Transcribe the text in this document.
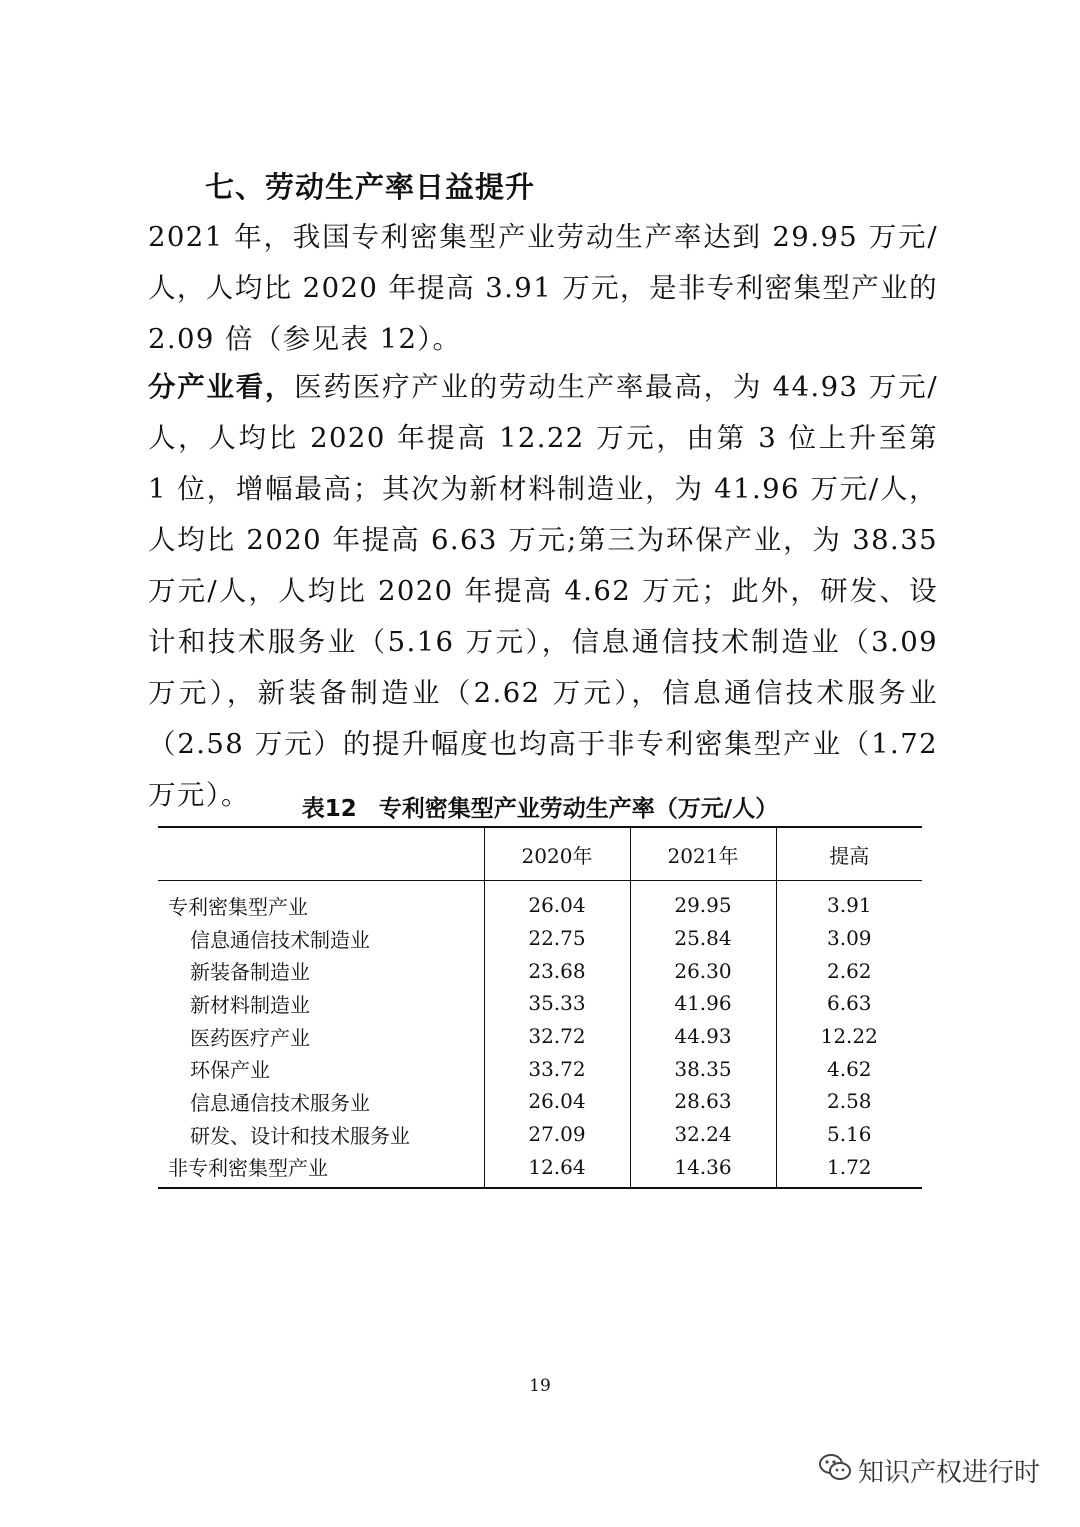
七、劳动生产率日益提升

2021 年，我国专利密集型产业劳动生产率达到 29.95 万元/人，人均比 2020 年提高 3.91 万元，是非专利密集型产业的 2.09 倍（参见表 12）。

分产业看，医药医疗产业的劳动生产率最高，为 44.93 万元/人，人均比 2020 年提高 12.22 万元，由第 3 位上升至第 1 位，增幅最高；其次为新材料制造业，为 41.96 万元/人，人均比 2020 年提高 6.63 万元;第三为环保产业，为 38.35 万元/人，人均比 2020 年提高 4.62 万元；此外，研发、设计和技术服务业（5.16 万元），信息通信技术制造业（3.09 万元），新装备制造业（2.62 万元），信息通信技术服务业（2.58 万元）的提升幅度也均高于非专利密集型产业（1.72 万元）。	表12 专利密集型产业劳动生产率（万元/人）
	2020年	2021年	提高
专利密集型产业	26.04	29.95	3.91
信息通信技术制造业	22.75	25.84	3.09
新装备制造业	23.68	26.30	2.62
新材料制造业	35.33	41.96	6.63
医药医疗产业	32.72	44.93	12.22
环保产业	33.72	38.35	4.62
信息通信技术服务业	26.04	28.63	2.58
研发、设计和技术服务业	27.09	32.24	5.16
非专利密集型产业	12.64	14.36	1.72
19
知识产权进行时
